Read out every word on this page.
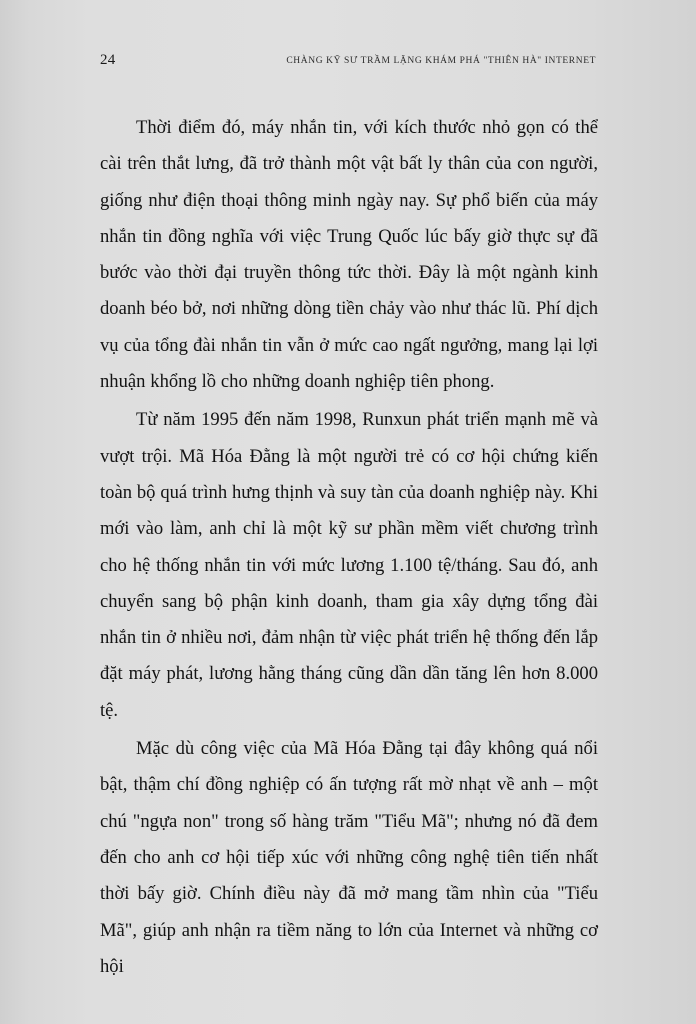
24	CHÀNG KỸ SƯ TRẦM LẶNG KHÁM PHÁ "THIÊN HÀ" INTERNET

Thời điểm đó, máy nhắn tin, với kích thước nhỏ gọn có thể cài trên thắt lưng, đã trở thành một vật bất ly thân của con người, giống như điện thoại thông minh ngày nay. Sự phổ biến của máy nhắn tin đồng nghĩa với việc Trung Quốc lúc bấy giờ thực sự đã bước vào thời đại truyền thông tức thời. Đây là một ngành kinh doanh béo bở, nơi những dòng tiền chảy vào như thác lũ. Phí dịch vụ của tổng đài nhắn tin vẫn ở mức cao ngất ngưởng, mang lại lợi nhuận khổng lồ cho những doanh nghiệp tiên phong.

Từ năm 1995 đến năm 1998, Runxun phát triển mạnh mẽ và vượt trội. Mã Hóa Đằng là một người trẻ có cơ hội chứng kiến toàn bộ quá trình hưng thịnh và suy tàn của doanh nghiệp này. Khi mới vào làm, anh chỉ là một kỹ sư phần mềm viết chương trình cho hệ thống nhắn tin với mức lương 1.100 tệ/tháng. Sau đó, anh chuyển sang bộ phận kinh doanh, tham gia xây dựng tổng đài nhắn tin ở nhiều nơi, đảm nhận từ việc phát triển hệ thống đến lắp đặt máy phát, lương hằng tháng cũng dần dần tăng lên hơn 8.000 tệ.

Mặc dù công việc của Mã Hóa Đằng tại đây không quá nổi bật, thậm chí đồng nghiệp có ấn tượng rất mờ nhạt về anh – một chú "ngựa non" trong số hàng trăm "Tiểu Mã"; nhưng nó đã đem đến cho anh cơ hội tiếp xúc với những công nghệ tiên tiến nhất thời bấy giờ. Chính điều này đã mở mang tầm nhìn của "Tiểu Mã", giúp anh nhận ra tiềm năng to lớn của Internet và những cơ hội
